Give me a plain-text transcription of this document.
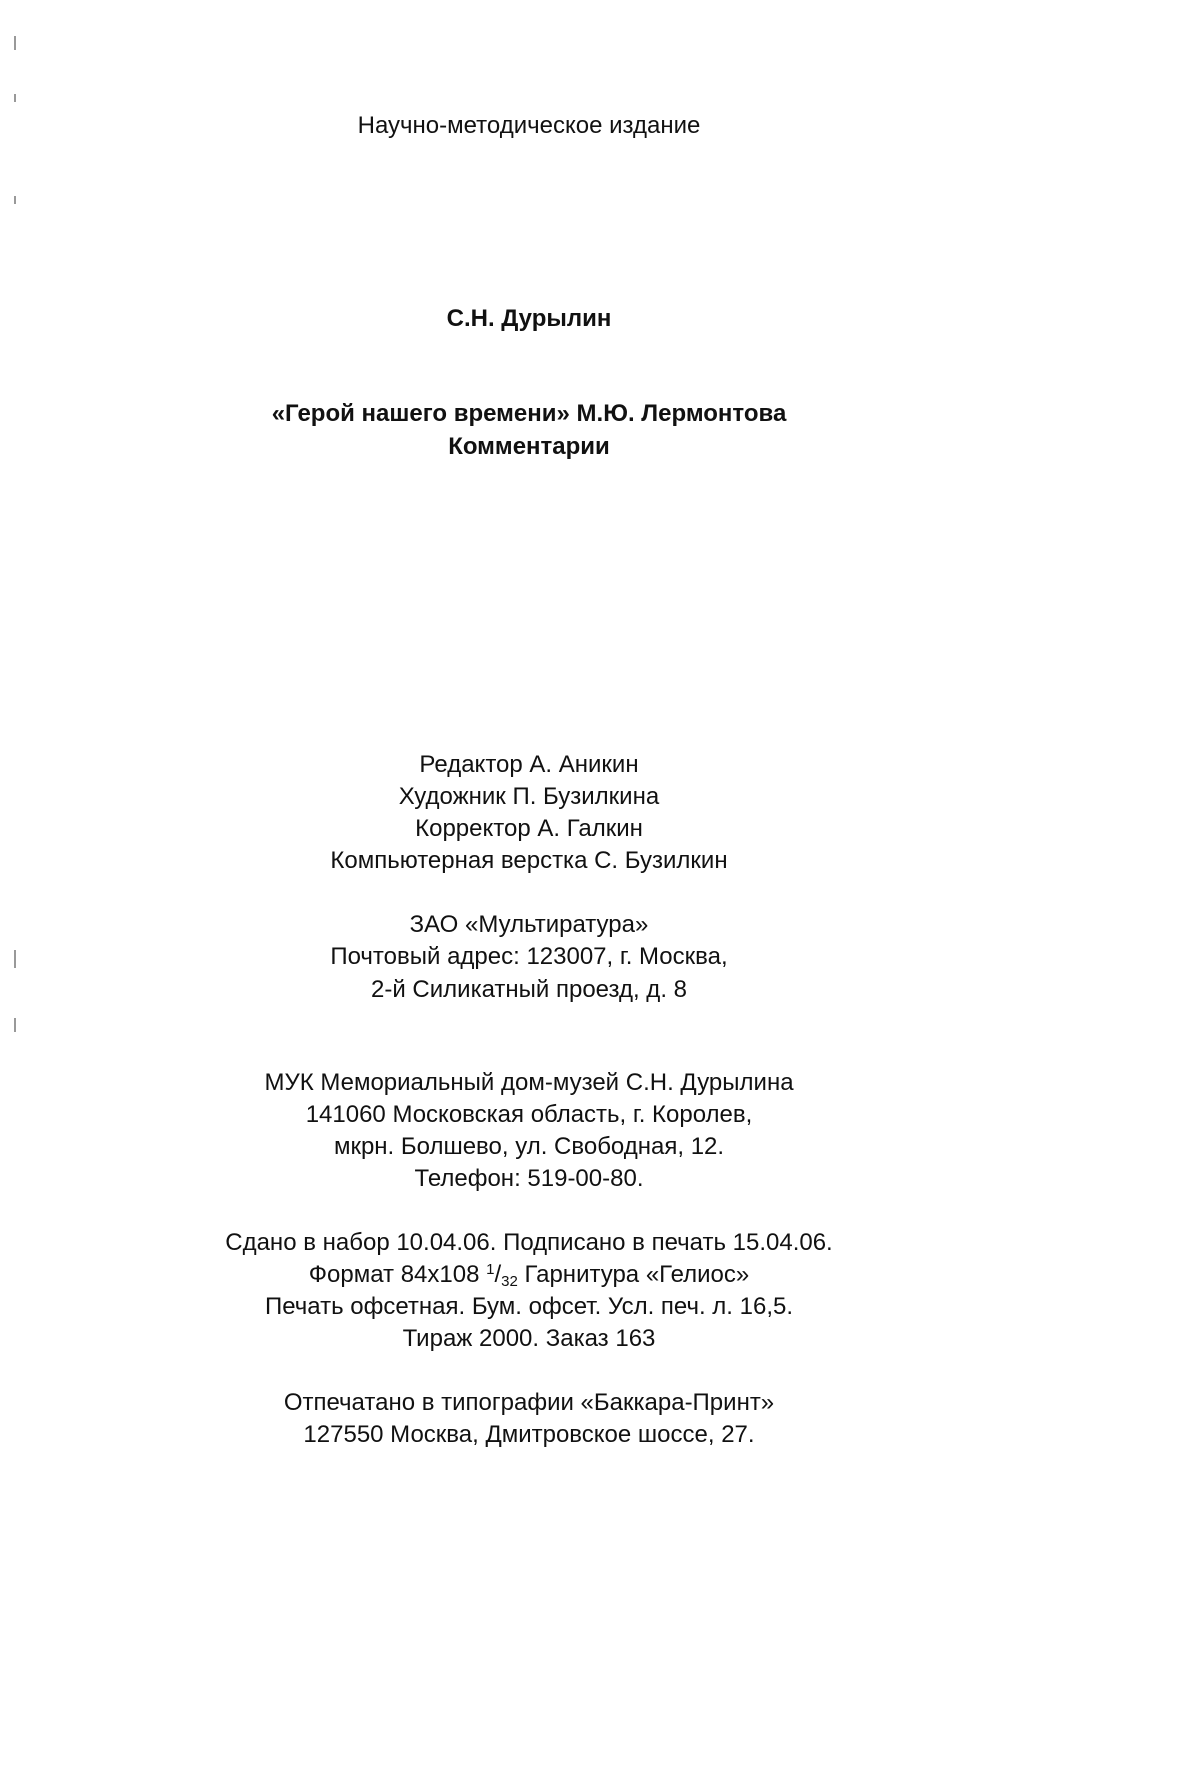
Научно-методическое издание
С.Н. Дурылин
«Герой нашего времени» М.Ю. Лермонтова
Комментарии
Редактор А. Аникин
Художник П. Бузилкина
Корректор А. Галкин
Компьютерная верстка С. Бузилкин
ЗАО «Мультиратура»
Почтовый адрес: 123007, г. Москва,
2-й Силикатный проезд, д. 8
МУК Мемориальный дом-музей С.Н. Дурылина
141060 Московская область, г. Королев,
мкрн. Болшево, ул. Свободная, 12.
Телефон: 519-00-80.
Сдано в набор 10.04.06. Подписано в печать 15.04.06.
Формат 84х108 $^1/_{32}$ Гарнитура «Гелиос»
Печать офсетная. Бум. офсет. Усл. печ. л. 16,5.
Тираж 2000. Заказ 163
Отпечатано в типографии «Баккара-Принт»
127550 Москва, Дмитровское шоссе, 27.
